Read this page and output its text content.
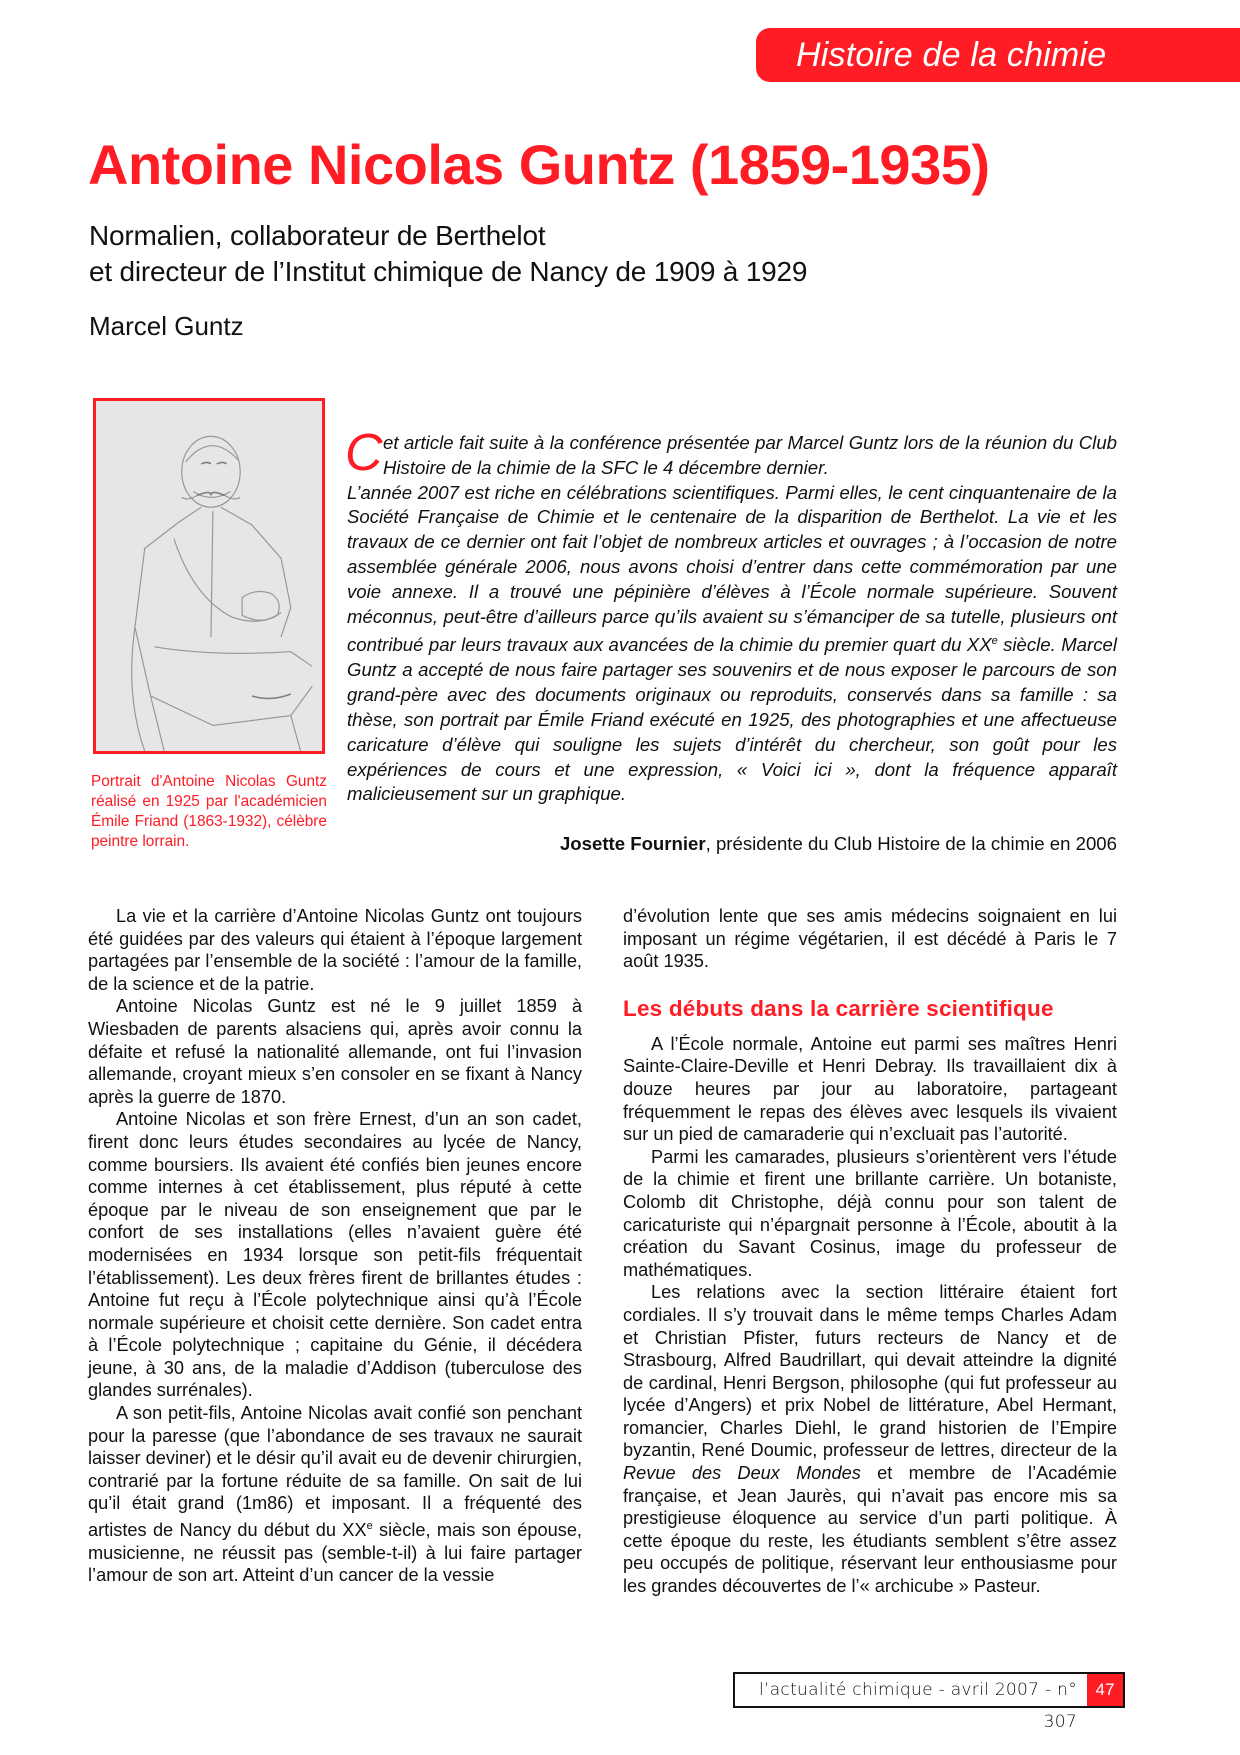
Histoire de la chimie
Antoine Nicolas Guntz (1859-1935)
Normalien, collaborateur de Berthelot
et directeur de l’Institut chimique de Nancy de 1909 à 1929
Marcel Guntz
Portrait d'Antoine Nicolas Guntz réalisé en 1925 par l'académicien Émile Friand (1863-1932), célèbre peintre lorrain.

C et article fait suite à la conférence présentée par Marcel Guntz lors de la réunion du Club Histoire de la chimie de la SFC le 4 décembre dernier.

L’année 2007 est riche en célébrations scientifiques. Parmi elles, le cent cinquantenaire de la Société Française de Chimie et le centenaire de la disparition de Berthelot. La vie et les travaux de ce dernier ont fait l’objet de nombreux articles et ouvrages ; à l’occasion de notre assemblée générale 2006, nous avons choisi d’entrer dans cette commémoration par une voie annexe. Il a trouvé une pépinière d’élèves à l’École normale supérieure. Souvent méconnus, peut-être d’ailleurs parce qu’ils avaient su s’émanciper de sa tutelle, plusieurs ont contribué par leurs travaux aux avancées de la chimie du premier quart du XXe siècle. Marcel Guntz a accepté de nous faire partager ses souvenirs et de nous exposer le parcours de son grand-père avec des documents originaux ou reproduits, conservés dans sa famille : sa thèse, son portrait par Émile Friand exécuté en 1925, des photographies et une affectueuse caricature d’élève qui souligne les sujets d’intérêt du chercheur, son goût pour les expériences de cours et une expression, « Voici ici », dont la fréquence apparaît malicieusement sur un graphique.

Josette Fournier, présidente du Club Histoire de la chimie en 2006

La vie et la carrière d’Antoine Nicolas Guntz ont toujours été guidées par des valeurs qui étaient à l’époque largement partagées par l’ensemble de la société : l’amour de la famille, de la science et de la patrie.

Antoine Nicolas Guntz est né le 9 juillet 1859 à Wiesbaden de parents alsaciens qui, après avoir connu la défaite et refusé la nationalité allemande, ont fui l’invasion allemande, croyant mieux s’en consoler en se fixant à Nancy après la guerre de 1870.

Antoine Nicolas et son frère Ernest, d’un an son cadet, firent donc leurs études secondaires au lycée de Nancy, comme boursiers. Ils avaient été confiés bien jeunes encore comme internes à cet établissement, plus réputé à cette époque par le niveau de son enseignement que par le confort de ses installations (elles n’avaient guère été modernisées en 1934 lorsque son petit-fils fréquentait l’établissement). Les deux frères firent de brillantes études : Antoine fut reçu à l’École polytechnique ainsi qu’à l’École normale supérieure et choisit cette dernière. Son cadet entra à l’École polytechnique ; capitaine du Génie, il décédera jeune, à 30 ans, de la maladie d’Addison (tuberculose des glandes surrénales).

A son petit-fils, Antoine Nicolas avait confié son penchant pour la paresse (que l’abondance de ses travaux ne saurait laisser deviner) et le désir qu’il avait eu de devenir chirurgien, contrarié par la fortune réduite de sa famille. On sait de lui qu’il était grand (1m86) et imposant. Il a fréquenté des artistes de Nancy du début du XXe siècle, mais son épouse, musicienne, ne réussit pas (semble-t-il) à lui faire partager l’amour de son art. Atteint d’un cancer de la vessie

d’évolution lente que ses amis médecins soignaient en lui imposant un régime végétarien, il est décédé à Paris le 7 août 1935.

Les débuts dans la carrière scientifique

A l’École normale, Antoine eut parmi ses maîtres Henri Sainte-Claire-Deville et Henri Debray. Ils travaillaient dix à douze heures par jour au laboratoire, partageant fréquemment le repas des élèves avec lesquels ils vivaient sur un pied de camaraderie qui n’excluait pas l’autorité.

Parmi les camarades, plusieurs s’orientèrent vers l’étude de la chimie et firent une brillante carrière. Un botaniste, Colomb dit Christophe, déjà connu pour son talent de caricaturiste qui n’épargnait personne à l’École, aboutit à la création du Savant Cosinus, image du professeur de mathématiques.

Les relations avec la section littéraire étaient fort cordiales. Il s’y trouvait dans le même temps Charles Adam et Christian Pfister, futurs recteurs de Nancy et de Strasbourg, Alfred Baudrillart, qui devait atteindre la dignité de cardinal, Henri Bergson, philosophe (qui fut professeur au lycée d’Angers) et prix Nobel de littérature, Abel Hermant, romancier, Charles Diehl, le grand historien de l’Empire byzantin, René Doumic, professeur de lettres, directeur de la Revue des Deux Mondes et membre de l’Académie française, et Jean Jaurès, qui n’avait pas encore mis sa prestigieuse éloquence au service d’un parti politique. À cette époque du reste, les étudiants semblent s’être assez peu occupés de politique, réservant leur enthousiasme pour les grandes découvertes de l’« archicube » Pasteur.

l’actualité chimique - avril 2007 - n° 307
47
